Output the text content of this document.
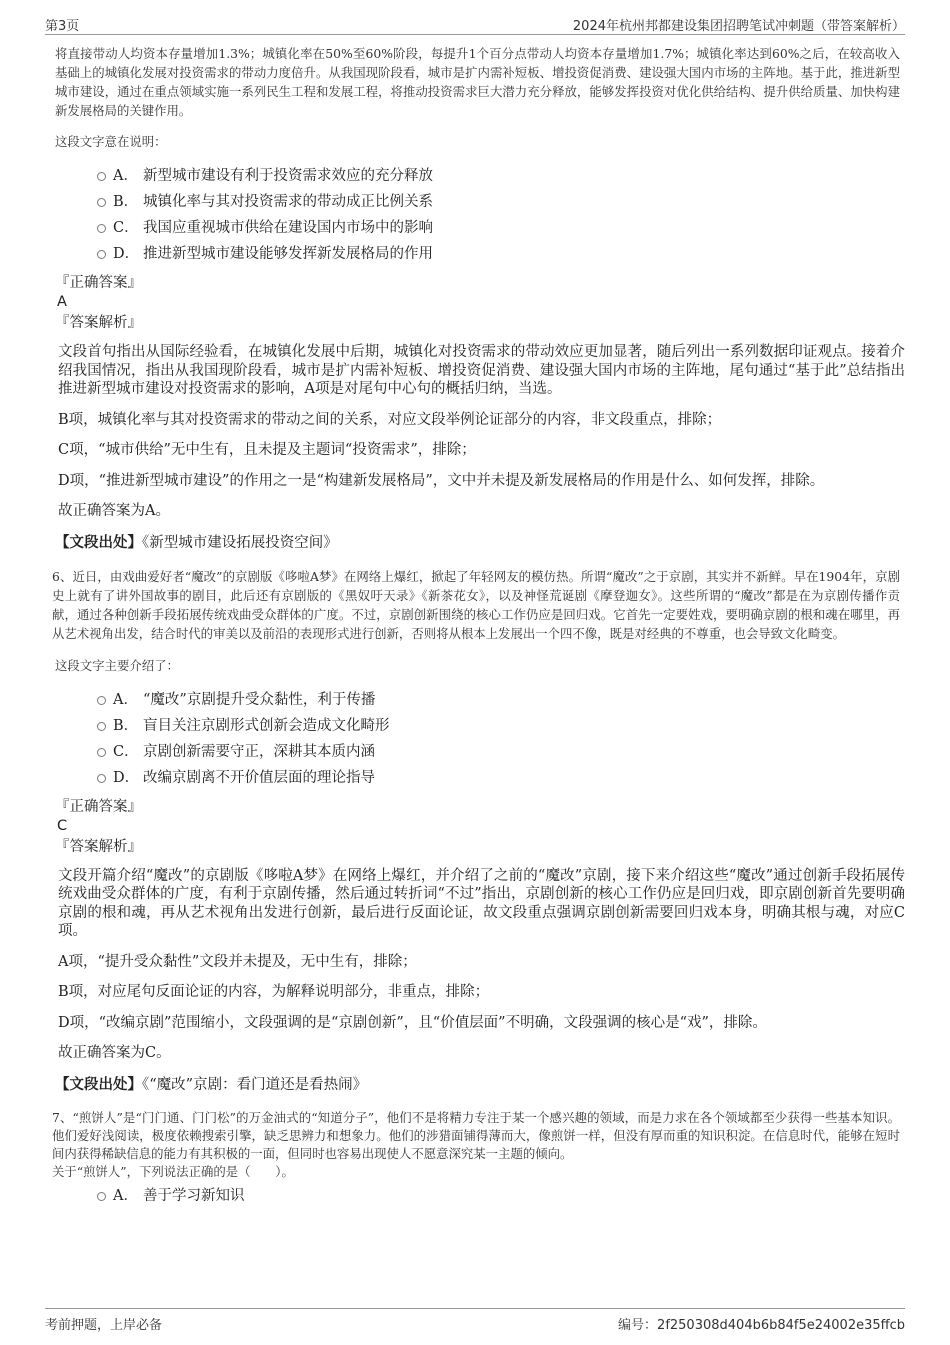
第3页	2024年杭州邦都建设集团招聘笔试冲刺题（带答案解析）

将直接带动人均资本存量增加1.3%；城镇化率在50%至60%阶段，每提升1个百分点带动人均资本存量增加1.7%；城镇化率达到60%之后，在较高收入基础上的城镇化发展对投资需求的带动力度倍升。从我国现阶段看，城市是扩内需补短板、增投资促消费、建设强大国内市场的主阵地。基于此，推进新型城市建设，通过在重点领域实施一系列民生工程和发展工程，将推动投资需求巨大潜力充分释放，能够发挥投资对优化供给结构、提升供给质量、加快构建新发展格局的关键作用。

这段文字意在说明：

A． 新型城市建设有利于投资需求效应的充分释放
B． 城镇化率与其对投资需求的带动成正比例关系
C． 我国应重视城市供给在建设国内市场中的影响
D． 推进新型城市建设能够发挥新发展格局的作用

『正确答案』

A

『答案解析』

文段首句指出从国际经验看，在城镇化发展中后期，城镇化对投资需求的带动效应更加显著，随后列出一系列数据印证观点。接着介绍我国情况，指出从我国现阶段看，城市是扩内需补短板、增投资促消费、建设强大国内市场的主阵地，尾句通过“基于此”总结指出推进新型城市建设对投资需求的影响，A项是对尾句中心句的概括归纳，当选。

B项，城镇化率与其对投资需求的带动之间的关系，对应文段举例论证部分的内容，非文段重点，排除；

C项，“城市供给”无中生有，且未提及主题词“投资需求”，排除；

D项，“推进新型城市建设”的作用之一是“构建新发展格局”，文中并未提及新发展格局的作用是什么、如何发挥，排除。

故正确答案为A。

【文段出处】《新型城市建设拓展投资空间》

6、近日，由戏曲爱好者“魔改”的京剧版《哆啦A梦》在网络上爆红，掀起了年轻网友的模仿热。所谓“魔改”之于京剧，其实并不新鲜。早在1904年，京剧史上就有了讲外国故事的剧目，此后还有京剧版的《黑奴吁天录》《新茶花女》，以及神怪荒诞剧《摩登迦女》。这些所谓的“魔改”都是在为京剧传播作贡献，通过各种创新手段拓展传统戏曲受众群体的广度。不过，京剧创新围绕的核心工作仍应是回归戏。它首先一定要姓戏，要明确京剧的根和魂在哪里，再从艺术视角出发，结合时代的审美以及前沿的表现形式进行创新，否则将从根本上发展出一个四不像，既是对经典的不尊重，也会导致文化畸变。

这段文字主要介绍了：

A． “魔改”京剧提升受众黏性，利于传播
B． 盲目关注京剧形式创新会造成文化畸形
C． 京剧创新需要守正，深耕其本质内涵
D． 改编京剧离不开价值层面的理论指导

『正确答案』

C

『答案解析』

文段开篇介绍“魔改”的京剧版《哆啦A梦》在网络上爆红，并介绍了之前的“魔改”京剧，接下来介绍这些“魔改”通过创新手段拓展传统戏曲受众群体的广度，有利于京剧传播，然后通过转折词“不过”指出，京剧创新的核心工作仍应是回归戏，即京剧创新首先要明确京剧的根和魂，再从艺术视角出发进行创新，最后进行反面论证，故文段重点强调京剧创新需要回归戏本身，明确其根与魂，对应C项。

A项，“提升受众黏性”文段并未提及，无中生有，排除；

B项，对应尾句反面论证的内容，为解释说明部分，非重点，排除；

D项，“改编京剧”范围缩小，文段强调的是“京剧创新”，且“价值层面”不明确，文段强调的核心是“戏”，排除。

故正确答案为C。

【文段出处】《“魔改”京剧：看门道还是看热闹》

7、“煎饼人”是“门门通、门门松”的万金油式的“知道分子”，他们不是将精力专注于某一个感兴趣的领域，而是力求在各个领域都至少获得一些基本知识。他们爱好浅阅读，极度依赖搜索引擎，缺乏思辨力和想象力。他们的涉猎面铺得薄而大，像煎饼一样，但没有厚而重的知识积淀。在信息时代，能够在短时间内获得稀缺信息的能力有其积极的一面，但同时也容易出现使人不愿意深究某一主题的倾向。

关于“煎饼人”，下列说法正确的是（　　）。

A． 善于学习新知识
考前押题，上岸必备	编号：2f250308d404b6b84f5e24002e35ffcb
